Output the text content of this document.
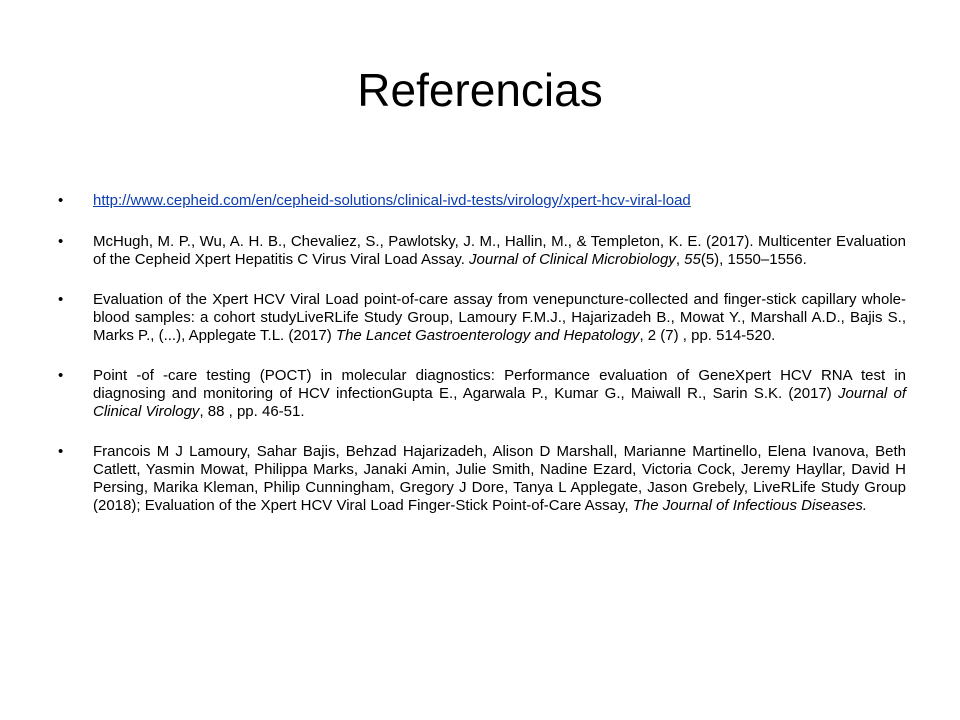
Referencias
• http://www.cepheid.com/en/cepheid-solutions/clinical-ivd-tests/virology/xpert-hcv-viral-load
• McHugh, M. P., Wu, A. H. B., Chevaliez, S., Pawlotsky, J. M., Hallin, M., & Templeton, K. E. (2017). Multicenter Evaluation of the Cepheid Xpert Hepatitis C Virus Viral Load Assay. Journal of Clinical Microbiology, 55(5), 1550–1556.
• Evaluation of the Xpert HCV Viral Load point-of-care assay from venepuncture-collected and finger-stick capillary whole-blood samples: a cohort studyLiveRLife Study Group, Lamoury F.M.J., Hajarizadeh B., Mowat Y., Marshall A.D., Bajis S., Marks P., (...), Applegate T.L. (2017) The Lancet Gastroenterology and Hepatology, 2 (7) , pp. 514-520.
• Point -of -care testing (POCT) in molecular diagnostics: Performance evaluation of GeneXpert HCV RNA test in diagnosing and monitoring of HCV infectionGupta E., Agarwala P., Kumar G., Maiwall R., Sarin S.K. (2017) Journal of Clinical Virology, 88 , pp. 46-51.
• Francois M J Lamoury, Sahar Bajis, Behzad Hajarizadeh, Alison D Marshall, Marianne Martinello, Elena Ivanova, Beth Catlett, Yasmin Mowat, Philippa Marks, Janaki Amin, Julie Smith, Nadine Ezard, Victoria Cock, Jeremy Hayllar, David H Persing, Marika Kleman, Philip Cunningham, Gregory J Dore, Tanya L Applegate, Jason Grebely, LiveRLife Study Group (2018); Evaluation of the Xpert HCV Viral Load Finger-Stick Point-of-Care Assay, The Journal of Infectious Diseases.
